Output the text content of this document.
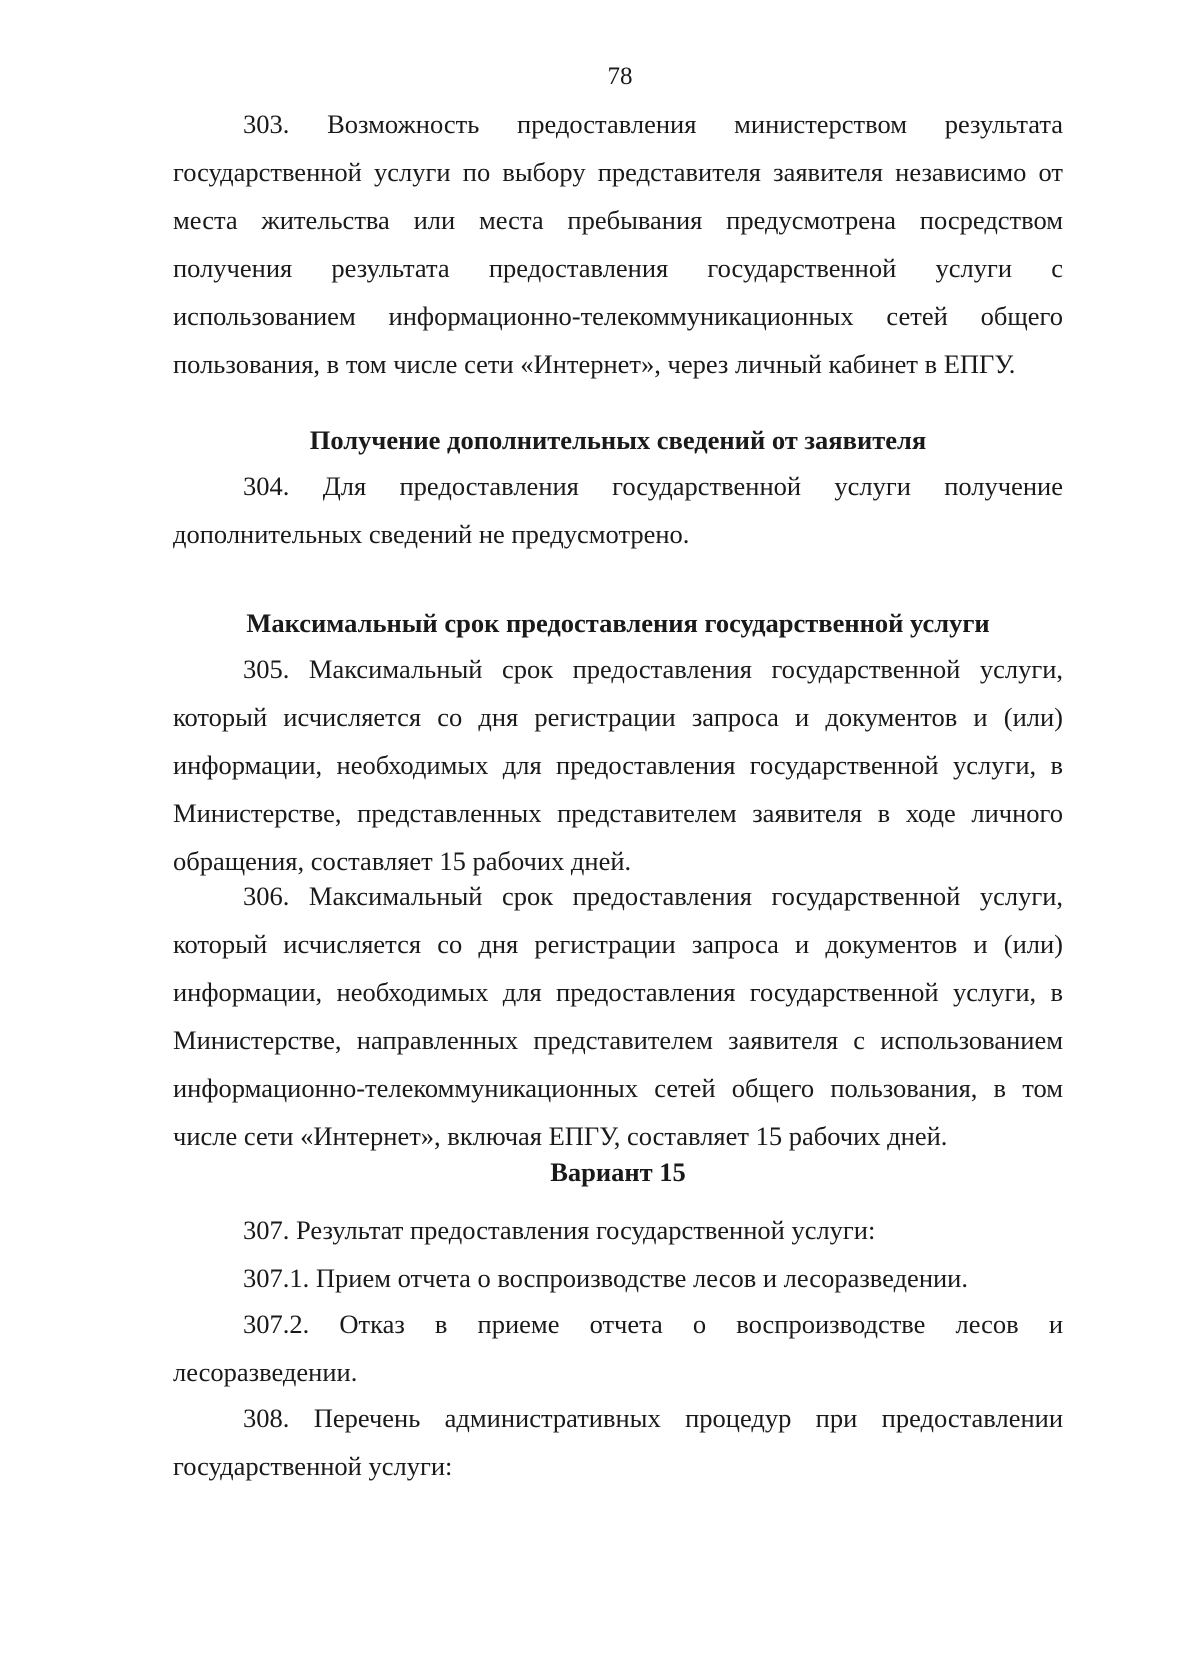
78

303. Возможность предоставления министерством результата государственной услуги по выбору представителя заявителя независимо от места жительства или места пребывания предусмотрена посредством получения результата предоставления государственной услуги с использованием информационно-телекоммуникационных сетей общего пользования, в том числе сети «Интернет», через личный кабинет в ЕПГУ.

Получение дополнительных сведений от заявителя

304. Для предоставления государственной услуги получение дополнительных сведений не предусмотрено.

Максимальный срок предоставления государственной услуги

305. Максимальный срок предоставления государственной услуги, который исчисляется со дня регистрации запроса и документов и (или) информации, необходимых для предоставления государственной услуги, в Министерстве, представленных представителем заявителя в ходе личного обращения, составляет 15 рабочих дней.

306. Максимальный срок предоставления государственной услуги, который исчисляется со дня регистрации запроса и документов и (или) информации, необходимых для предоставления государственной услуги, в Министерстве, направленных представителем заявителя с использованием информационно-телекоммуникационных сетей общего пользования, в том числе сети «Интернет», включая ЕПГУ, составляет 15 рабочих дней.

Вариант 15

307. Результат предоставления государственной услуги:

307.1. Прием отчета о воспроизводстве лесов и лесоразведении.

307.2. Отказ в приеме отчета о воспроизводстве лесов и лесоразведении.

308. Перечень административных процедур при предоставлении государственной услуги:
